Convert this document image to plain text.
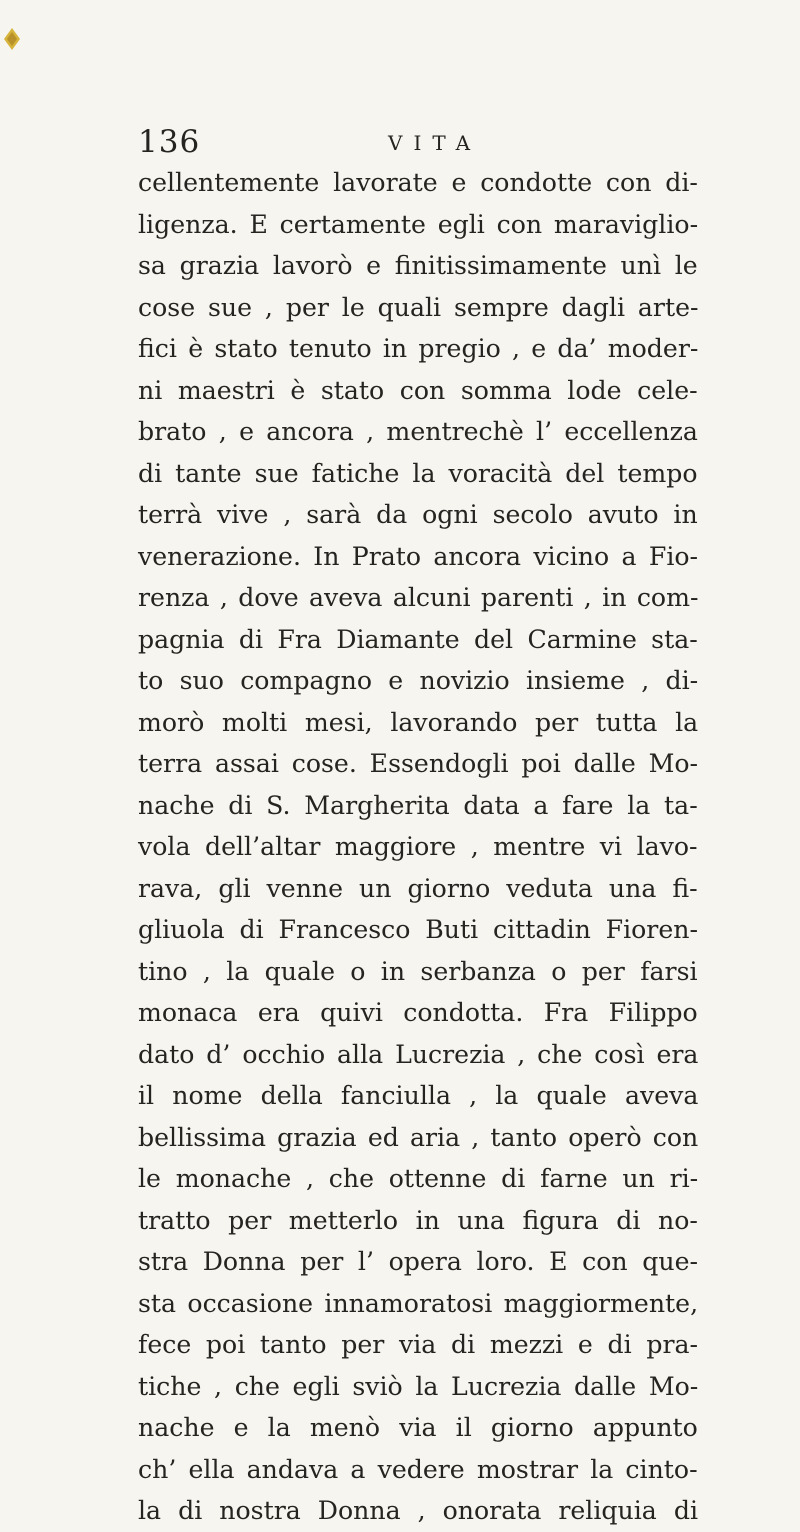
136	VITA
cellentemente lavorate e condotte con di-
ligenza. E certamente egli con maraviglio-
sa grazia lavorò e finitissimamente unì le
cose sue , per le quali sempre dagli arte-
fici è stato tenuto in pregio , e da’ moder-
ni maestri è stato con somma lode cele-
brato , e ancora , mentrechè l’ eccellenza
di tante sue fatiche la voracità del tempo
terrà vive , sarà da ogni secolo avuto in
venerazione. In Prato ancora vicino a Fio-
renza , dove aveva alcuni parenti , in com-
pagnia di Fra Diamante del Carmine sta-
to suo compagno e novizio insieme , di-
morò molti mesi, lavorando per tutta la
terra assai cose. Essendogli poi dalle Mo-
nache di S. Margherita data a fare la ta-
vola dell’altar maggiore , mentre vi lavo-
rava, gli venne un giorno veduta una fi-
gliuola di Francesco Buti cittadin Fioren-
tino , la quale o in serbanza o per farsi
monaca era quivi condotta. Fra Filippo
dato d’ occhio alla Lucrezia , che così era
il nome della fanciulla , la quale aveva
bellissima grazia ed aria , tanto operò con
le monache , che ottenne di farne un ri-
tratto per metterlo in una figura di no-
stra Donna per l’ opera loro. E con que-
sta occasione innamoratosi maggiormente,
fece poi tanto per via di mezzi e di pra-
tiche , che egli sviò la Lucrezia dalle Mo-
nache e la menò via il giorno appunto
ch’ ella andava a vedere mostrar la cinto-
la di nostra Donna , onorata reliquia di
